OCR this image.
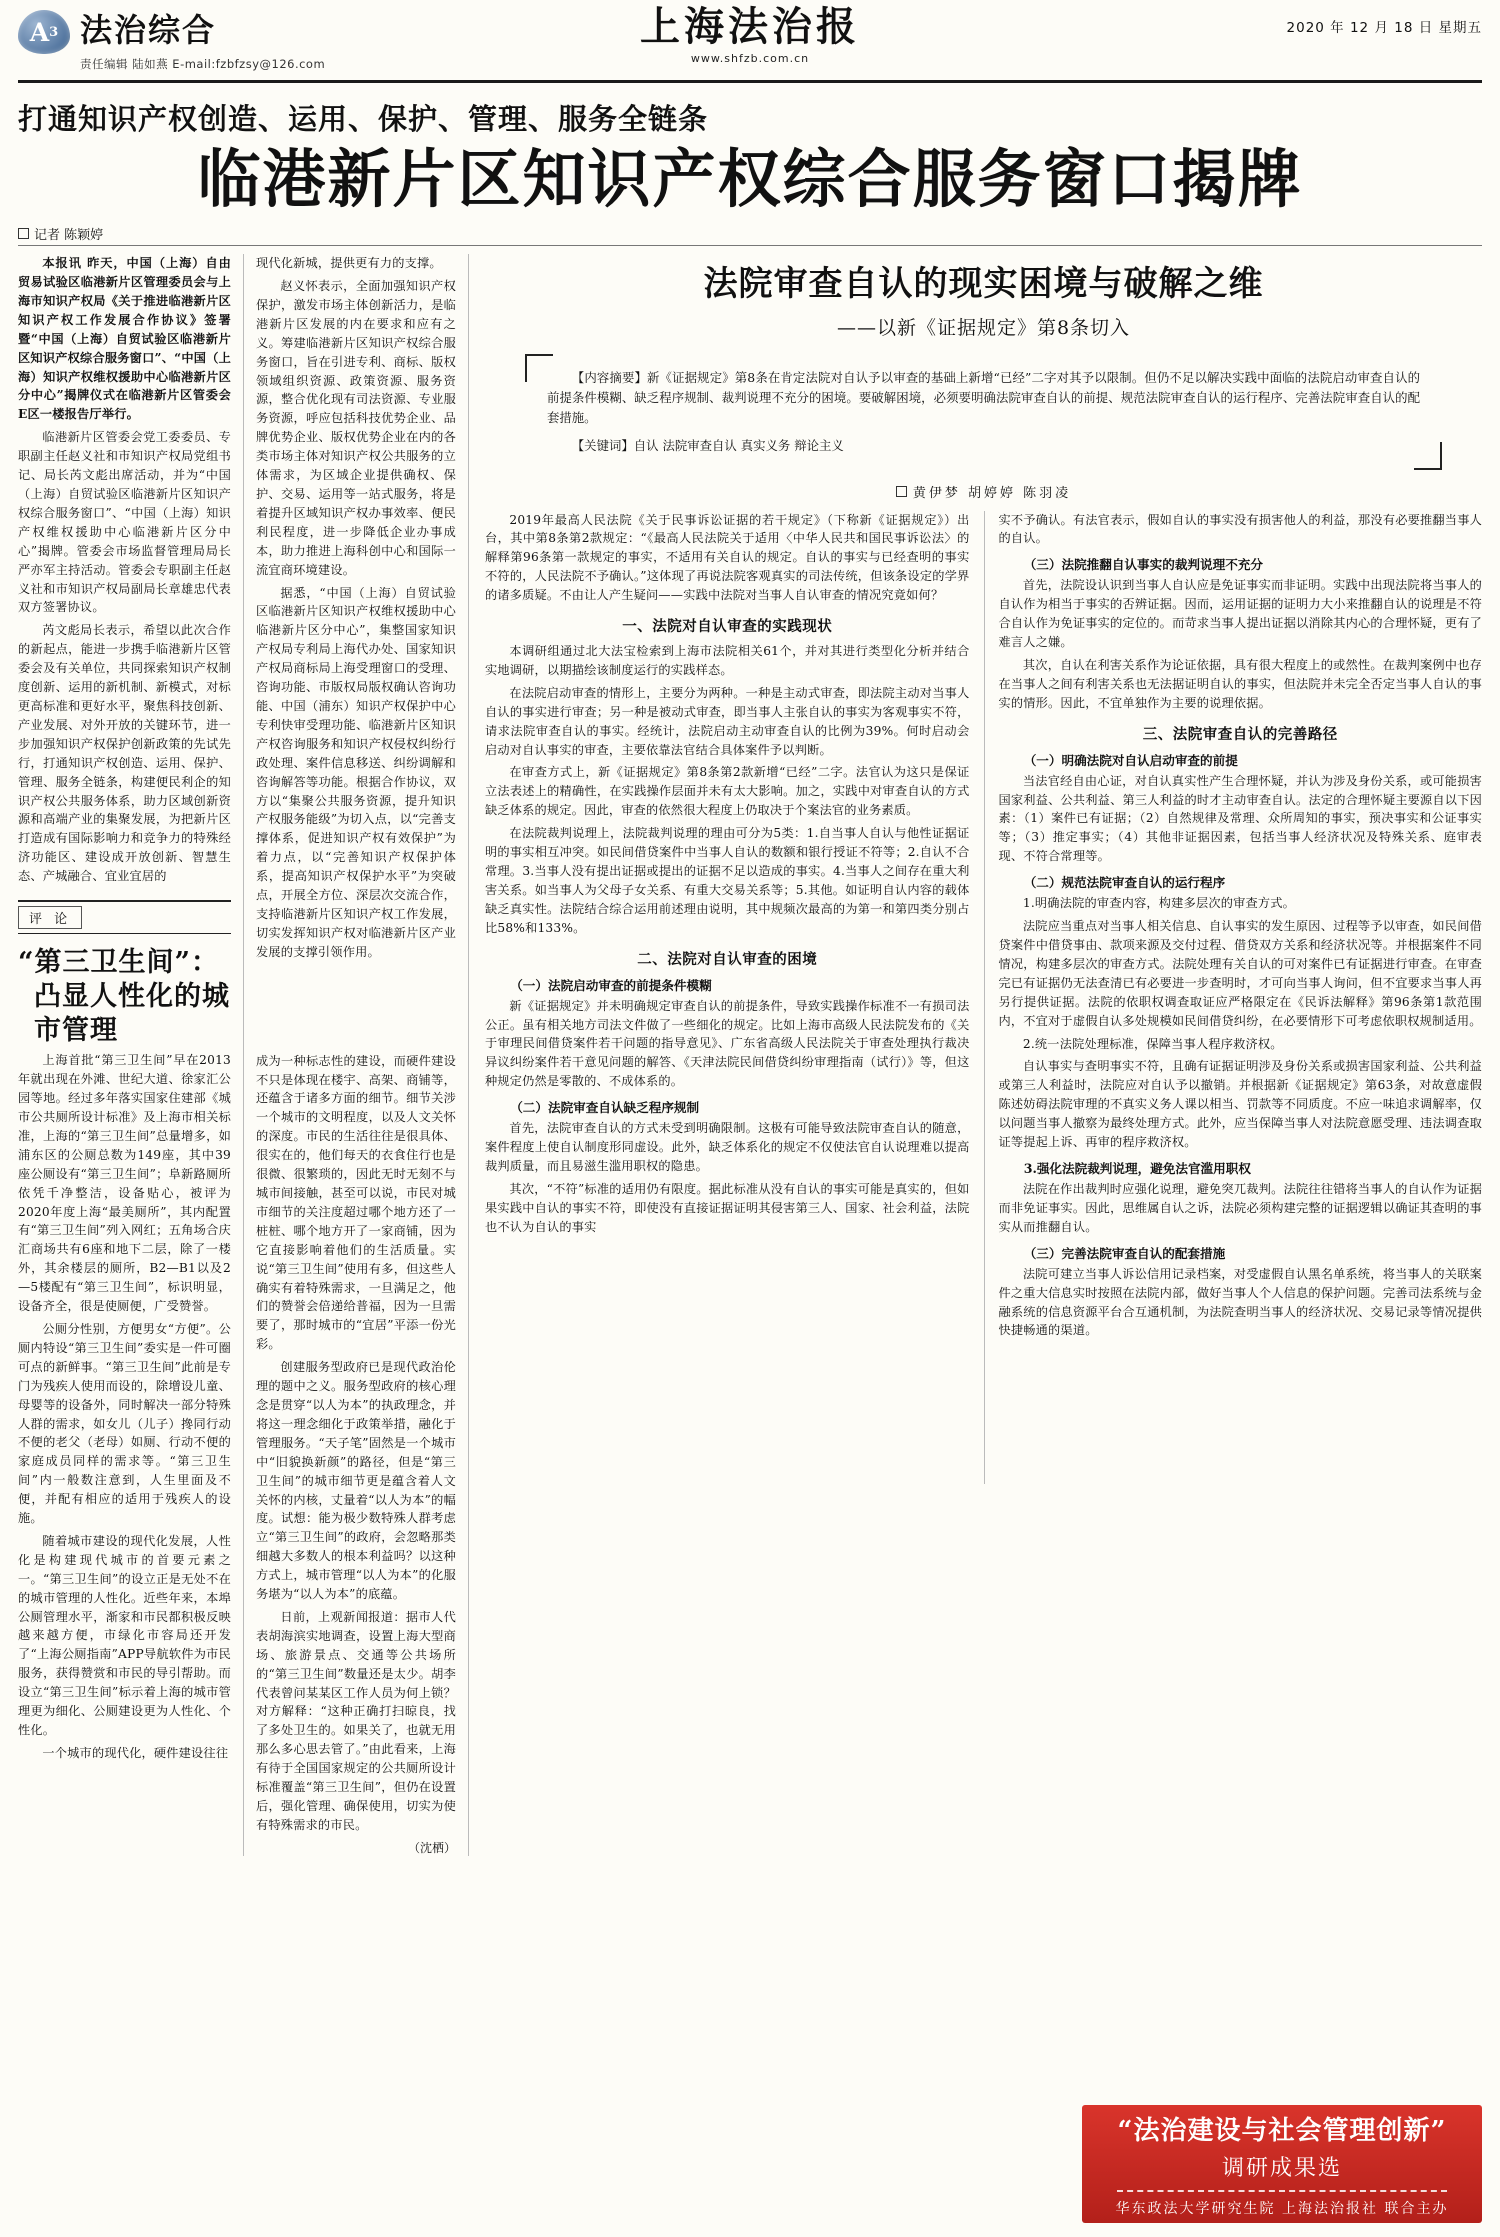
A 3 法治综合
责任编辑 陆如燕 E-mail:fzbfzsy@126.com
上海法治报
www.shfzb.com.cn
2020 年 12 月 18 日 星期五
打通知识产权创造、运用、保护、管理、服务全链条
临港新片区知识产权综合服务窗口揭牌
记者 陈颖婷

本报讯 昨天，中国（上海）自由贸易试验区临港新片区管理委员会与上海市知识产权局《关于推进临港新片区知识产权工作发展合作协议》签署暨“中国（上海）自贸试验区临港新片区知识产权综合服务窗口”、“中国（上海）知识产权维权援助中心临港新片区分中心”揭牌仪式在临港新片区管委会E区一楼报告厅举行。

临港新片区管委会党工委委员、专职副主任赵义社和市知识产权局党组书记、局长芮文彪出席活动，并为“中国（上海）自贸试验区临港新片区知识产权综合服务窗口”、“中国（上海）知识产权维权援助中心临港新片区分中心”揭牌。管委会市场监督管理局局长严亦军主持活动。管委会专职副主任赵义社和市知识产权局副局长章雄忠代表双方签署协议。

芮文彪局长表示，希望以此次合作的新起点，能进一步携手临港新片区管委会及有关单位，共同探索知识产权制度创新、运用的新机制、新模式，对标更高标准和更好水平，聚焦科技创新、产业发展、对外开放的关键环节，进一步加强知识产权保护创新政策的先试先行，打通知识产权创造、运用、保护、管理、服务全链条，构建便民利企的知识产权公共服务体系，助力区域创新资源和高端产业的集聚发展，为把新片区打造成有国际影响力和竞争力的特殊经济功能区、建设成开放创新、智慧生态、产城融合、宜业宜居的

评 论
“第三卫生间”：
凸显人性化的城市管理

上海首批“第三卫生间”早在2013年就出现在外滩、世纪大道、徐家汇公园等地。经过多年落实国家住建部《城市公共厕所设计标准》及上海市相关标准，上海的“第三卫生间”总量增多，如浦东区的公厕总数为149座，其中39座公厕设有“第三卫生间”；阜新路厕所依凭千净整洁，设备贴心，被评为2020年度上海“最美厕所”，其内配置有“第三卫生间”列入网红；五角场合庆汇商场共有6座和地下二层，除了一楼外，其余楼层的厕所，B2—B1以及2—5楼配有“第三卫生间”，标识明显，设备齐全，很是使厕便，广受赞誉。

公厕分性别，方便男女“方便”。公厕内特设“第三卫生间”委实是一件可圈可点的新鲜事。“第三卫生间”此前是专门为残疾人使用而设的，除增设儿童、母婴等的设备外，同时解决一部分特殊人群的需求，如女儿（儿子）搀同行动不便的老父（老母）如厕、行动不便的家庭成员同样的需求等。“第三卫生间”内一般数注意到，人生里面及不便，并配有相应的适用于残疾人的设施。

随着城市建设的现代化发展，人性化是构建现代城市的首要元素之一。“第三卫生间”的设立正是无处不在的城市管理的人性化。近些年来，本埠公厕管理水平，渐家和市民都积极反映越来越方便，市绿化市容局还开发了“上海公厕指南”APP导航软件为市民服务，获得赞赏和市民的导引帮助。而设立“第三卫生间”标示着上海的城市管理更为细化、公厕建设更为人性化、个性化。

一个城市的现代化，硬件建设往往

现代化新城，提供更有力的支撑。

赵义怀表示，全面加强知识产权保护，激发市场主体创新活力，是临港新片区发展的内在要求和应有之义。筹建临港新片区知识产权综合服务窗口，旨在引进专利、商标、版权领域组织资源、政策资源、服务资源，整合优化现有司法资源、专业服务资源，呼应包括科技优势企业、品牌优势企业、版权优势企业在内的各类市场主体对知识产权公共服务的立体需求，为区域企业提供确权、保护、交易、运用等一站式服务，将是着提升区域知识产权办事效率、便民利民程度，进一步降低企业办事成本，助力推进上海科创中心和国际一流宜商环境建设。

据悉，“中国（上海）自贸试验区临港新片区知识产权维权援助中心临港新片区分中心”，集整国家知识产权局专利局上海代办处、国家知识产权局商标局上海受理窗口的受理、咨询功能、市版权局版权确认咨询功能、中国（浦东）知识产权保护中心专利快审受理功能、临港新片区知识产权咨询服务和知识产权侵权纠纷行政处理、案件信息移送、纠纷调解和咨询解答等功能。根据合作协议，双方以“集聚公共服务资源，提升知识产权服务能级”为切入点，以“完善支撑体系，促进知识产权有效保护”为着力点，以“完善知识产权保护体系，提高知识产权保护水平”为突破点，开展全方位、深层次交流合作，支持临港新片区知识产权工作发展，切实发挥知识产权对临港新片区产业发展的支撑引领作用。

成为一种标志性的建设，而硬件建设不只是体现在楼宇、高架、商铺等，还蕴含于诸多方面的细节。细节关涉一个城市的文明程度，以及人文关怀的深度。市民的生活往往是很具体、很实在的，他们每天的衣食住行也是很微、很繁琐的，因此无时无刻不与城市间接触，甚至可以说，市民对城市细节的关注度超过哪个地方还了一桩桩、哪个地方开了一家商铺，因为它直接影响着他们的生活质量。实说“第三卫生间”使用有多，但这些人确实有着特殊需求，一旦满足之，他们的赞誉会倍递给普福，因为一旦需要了，那时城市的“宜居”平添一份光彩。

创建服务型政府已是现代政治伦理的题中之义。服务型政府的核心理念是贯穿“以人为本”的执政理念，并将这一理念细化于政策举措，融化于管理服务。“天子笔”固然是一个城市中“旧貌换新颜”的路径，但是“第三卫生间”的城市细节更是蕴含着人文关怀的内核，丈量着“以人为本”的幅度。试想：能为极少数特殊人群考虑立“第三卫生间”的政府，会忽略那类细越大多数人的根本利益吗？以这种方式上，城市管理“以人为本”的化服务堪为“以人为本”的底蕴。

日前，上观新闻报道：据市人代表胡海滨实地调查，设置上海大型商场、旅游景点、交通等公共场所的“第三卫生间”数量还是太少。胡李代表曾问某某区工作人员为何上锁？对方解释：“这种正确打扫晾良，找了多处卫生的。如果关了，也就无用那么多心思去管了。”由此看来，上海有待于全国国家规定的公共厕所设计标准覆盖“第三卫生间”，但仍在设置后，强化管理、确保使用，切实为使有特殊需求的市民。

（沈栖）
法院审查自认的现实困境与破解之维
——以新《证据规定》第8条切入

【内容摘要】新《证据规定》第8条在肯定法院对自认予以审查的基础上新增“已经”二字对其予以限制。但仍不足以解决实践中面临的法院启动审查自认的前提条件模糊、缺乏程序规制、裁判说理不充分的困境。要破解困境，必须要明确法院审查自认的前提、规范法院审查自认的运行程序、完善法院审查自认的配套措施。

【关键词】自认 法院审查自认 真实义务 辩论主义

黄伊梦 胡婷婷 陈羽凌

2019年最高人民法院《关于民事诉讼证据的若干规定》（下称新《证据规定》）出台，其中第8条第2款规定：“《最高人民法院关于适用〈中华人民共和国民事诉讼法〉的解释第96条第一款规定的事实，不适用有关自认的规定。自认的事实与已经查明的事实不符的，人民法院不予确认。”这体现了再说法院客观真实的司法传统，但该条设定的学界的诸多质疑。不由让人产生疑问——实践中法院对当事人自认审查的情况究竟如何？

一、法院对自认审查的实践现状

本调研组通过北大法宝检索到上海市法院相关61个，并对其进行类型化分析并结合实地调研，以期描绘该制度运行的实践样态。

在法院启动审查的情形上，主要分为两种。一种是主动式审查，即法院主动对当事人自认的事实进行审查；另一种是被动式审查，即当事人主张自认的事实为客观事实不符，请求法院审查自认的事实。经统计，法院启动主动审查自认的比例为39%。何时启动会启动对自认事实的审查，主要依靠法官结合具体案件予以判断。

在审查方式上，新《证据规定》第8条第2款新增“已经”二字。法官认为这只是保证立法表述上的精确性，在实践操作层面并未有太大影响。加之，实践中对审查自认的方式缺乏体系的规定。因此，审查的依然很大程度上仍取决于个案法官的业务素质。

在法院裁判说理上，法院裁判说理的理由可分为5类：1.自当事人自认与他性证据证明的事实相互冲突。如民间借贷案件中当事人自认的数额和银行授证不符等；2.自认不合常理。3.当事人没有提出证据或提出的证据不足以造成的事实。4.当事人之间存在重大利害关系。如当事人为父母子女关系、有重大交易关系等；5.其他。如证明自认内容的载体缺乏真实性。法院结合综合运用前述理由说明，其中规频次最高的为第一和第四类分别占比58%和133%。

二、法院对自认审查的困境
（一）法院启动审查的前提条件模糊

新《证据规定》并未明确规定审查自认的前提条件，导致实践操作标准不一有损司法公正。虽有相关地方司法文件做了一些细化的规定。比如上海市高级人民法院发布的《关于审理民间借贷案件若干问题的指导意见》、广东省高级人民法院关于审查处理执行裁决异议纠纷案件若干意见问题的解答、《天津法院民间借贷纠纷审理指南（试行）》等，但这种规定仍然是零散的、不成体系的。

（二）法院审查自认缺乏程序规制

首先，法院审查自认的方式未受到明确限制。这极有可能导致法院审查自认的随意，案件程度上使自认制度形同虚设。此外，缺乏体系化的规定不仅使法官自认说理难以提高裁判质量，而且易滋生滥用职权的隐患。

其次，“不符”标准的适用仍有限度。据此标准从没有自认的事实可能是真实的，但如果实践中自认的事实不符，即使没有直接证据证明其侵害第三人、国家、社会利益，法院也不认为自认的事实

实不予确认。有法官表示，假如自认的事实没有损害他人的利益，那没有必要推翻当事人的自认。

（三）法院推翻自认事实的裁判说理不充分

首先，法院设认识到当事人自认应是免证事实而非证明。实践中出现法院将当事人的自认作为相当于事实的否辨证据。因而，运用证据的证明力大小来推翻自认的说理是不符合自认作为免证事实的定位的。而苛求当事人提出证据以消除其内心的合理怀疑，更有了难言人之嫌。

其次，自认在利害关系作为论证依据，具有很大程度上的或然性。在裁判案例中也存在当事人之间有利害关系也无法据证明自认的事实，但法院并未完全否定当事人自认的事实的情形。因此，不宜单独作为主要的说理依据。

三、法院审查自认的完善路径
（一）明确法院对自认启动审查的前提

当法官经自由心证，对自认真实性产生合理怀疑，并认为涉及身份关系，或可能损害国家利益、公共利益、第三人利益的时才主动审查自认。法定的合理怀疑主要源自以下因素：（1）案件已有证据；（2）自然规律及常理、众所周知的事实，预决事实和公证事实等；（3）推定事实；（4）其他非证据因素，包括当事人经济状况及特殊关系、庭审表现、不符合常理等。

（二）规范法院审查自认的运行程序

1.明确法院的审查内容，构建多层次的审查方式。

法院应当重点对当事人相关信息、自认事实的发生原因、过程等予以审查，如民间借贷案件中借贷事由、款项来源及交付过程、借贷双方关系和经济状况等。并根据案件不同情况，构建多层次的审查方式。法院处理有关自认的可对案件已有证据进行审查。在审查完已有证据仍无法查清已有必要进一步查明时，才可向当事人询问，但不宜要求当事人再另行提供证据。法院的依职权调查取证应严格限定在《民诉法解释》第96条第1款范围内，不宜对于虚假自认多处规模如民间借贷纠纷，在必要情形下可考虑依职权规制适用。

2.统一法院处理标准，保障当事人程序救济权。

自认事实与查明事实不符，且确有证据证明涉及身份关系或损害国家利益、公共利益或第三人利益时，法院应对自认予以撤销。并根据新《证据规定》第63条，对故意虚假陈述妨碍法院审理的不真实义务人课以相当、罚款等不同质度。不应一味追求调解率，仅以问题当事人撤察为最终处理方式。此外，应当保障当事人对法院意愿受理、违法调查取证等提起上诉、再审的程序救济权。

3.强化法院裁判说理，避免法官滥用职权

法院在作出裁判时应强化说理，避免突兀裁判。法院往往错将当事人的自认作为证据而非免证事实。因此，思维属自认之诉，法院必须构建完整的证据逻辑以确证其查明的事实从而推翻自认。

（三）完善法院审查自认的配套措施

法院可建立当事人诉讼信用记录档案，对受虚假自认黑名单系统，将当事人的关联案件之重大信息实时按照在法院内部，做好当事人个人信息的保护问题。完善司法系统与金融系统的信息资源平台合互通机制，为法院查明当事人的经济状况、交易记录等情况提供快捷畅通的渠道。

“法治建设与社会管理创新”
调研成果选
华东政法大学研究生院 上海法治报社 联合主办
